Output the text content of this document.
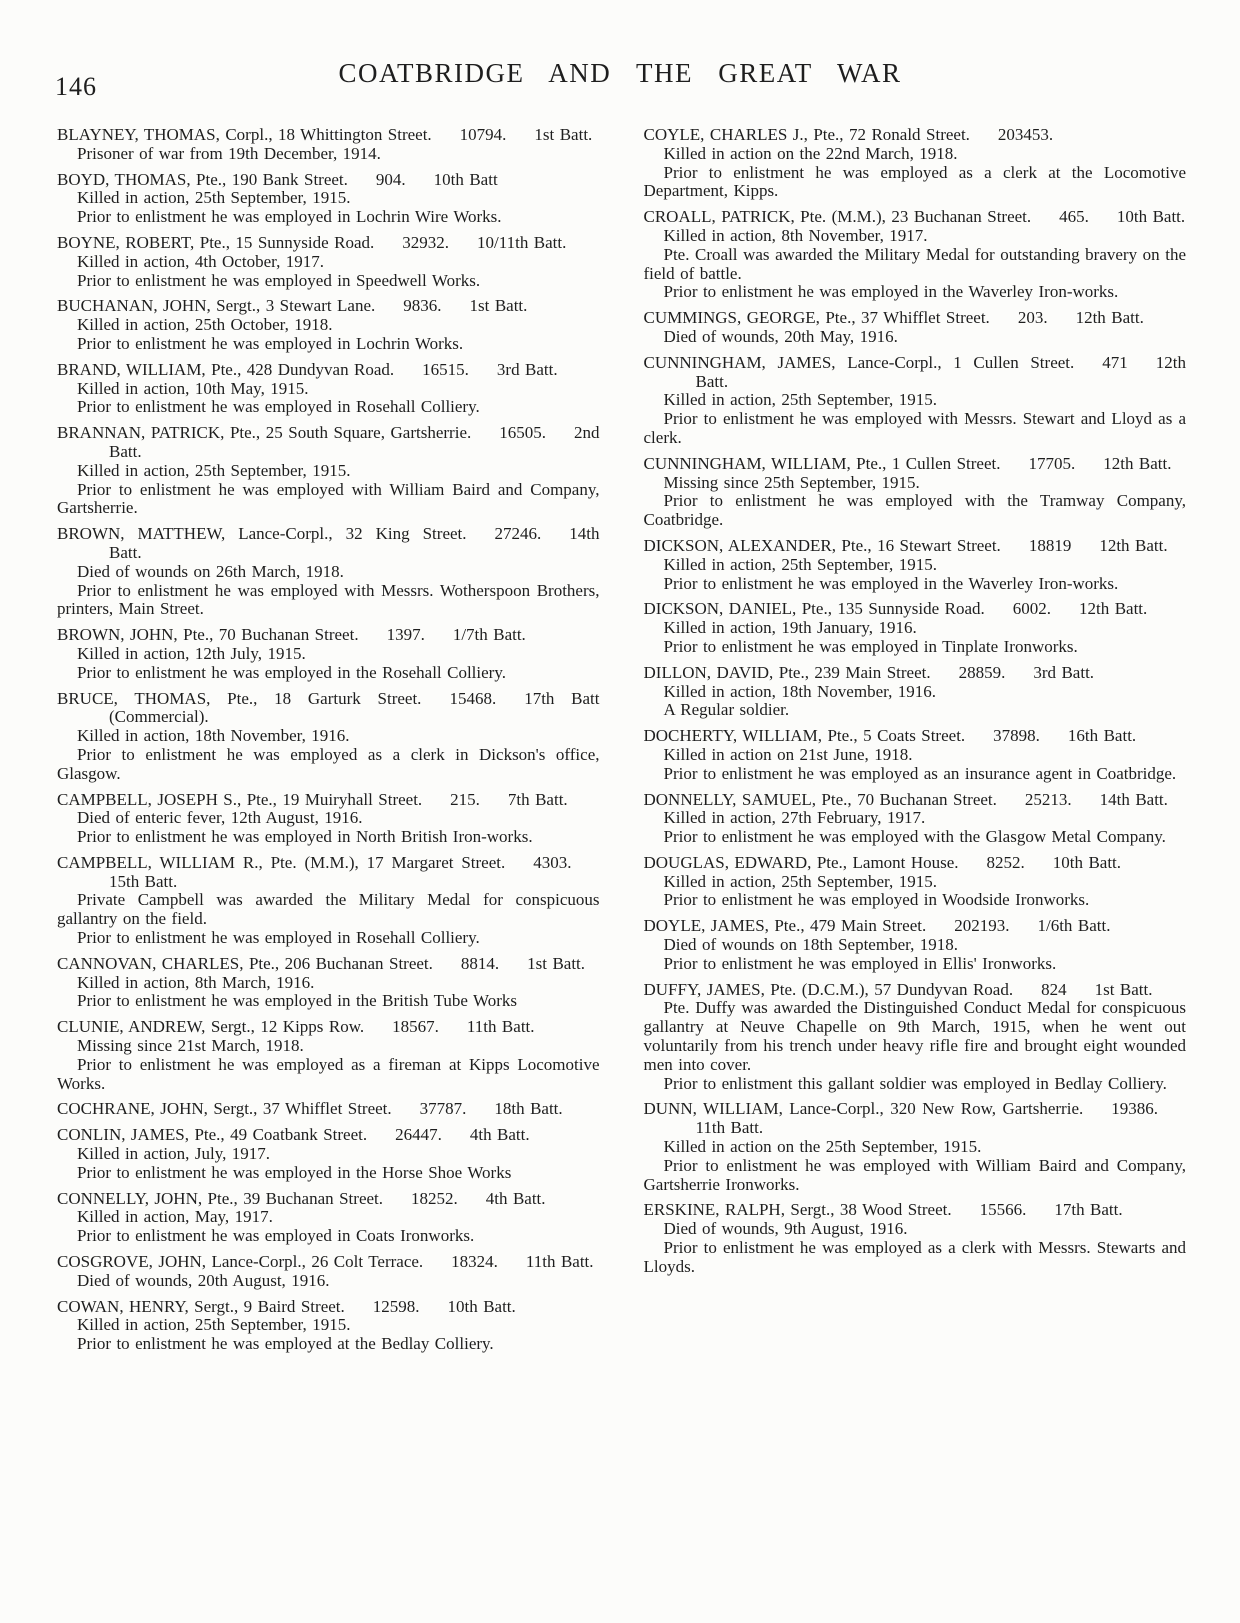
146	COATBRIDGE AND THE GREAT WAR

BLAYNEY, THOMAS, Corpl., 18 Whittington Street. 10794. 1st Batt.

Prisoner of war from 19th December, 1914.

BOYD, THOMAS, Pte., 190 Bank Street. 904. 10th Batt

Killed in action, 25th September, 1915.

Prior to enlistment he was employed in Lochrin Wire Works.

BOYNE, ROBERT, Pte., 15 Sunnyside Road. 32932. 10/11th Batt.

Killed in action, 4th October, 1917.

Prior to enlistment he was employed in Speedwell Works.

BUCHANAN, JOHN, Sergt., 3 Stewart Lane. 9836. 1st Batt.

Killed in action, 25th October, 1918.

Prior to enlistment he was employed in Lochrin Works.

BRAND, WILLIAM, Pte., 428 Dundyvan Road. 16515. 3rd Batt.

Killed in action, 10th May, 1915.

Prior to enlistment he was employed in Rosehall Colliery.

BRANNAN, PATRICK, Pte., 25 South Square, Gartsherrie. 16505. 2nd Batt.

Killed in action, 25th September, 1915.

Prior to enlistment he was employed with William Baird and Company, Gartsherrie.

BROWN, MATTHEW, Lance-Corpl., 32 King Street. 27246. 14th Batt.

Died of wounds on 26th March, 1918.

Prior to enlistment he was employed with Messrs. Wotherspoon Brothers, printers, Main Street.

BROWN, JOHN, Pte., 70 Buchanan Street. 1397. 1/7th Batt.

Killed in action, 12th July, 1915.

Prior to enlistment he was employed in the Rosehall Colliery.

BRUCE, THOMAS, Pte., 18 Garturk Street. 15468. 17th Batt (Commercial).

Killed in action, 18th November, 1916.

Prior to enlistment he was employed as a clerk in Dickson's office, Glasgow.

CAMPBELL, JOSEPH S., Pte., 19 Muiryhall Street. 215. 7th Batt.

Died of enteric fever, 12th August, 1916.

Prior to enlistment he was employed in North British Iron-works.

CAMPBELL, WILLIAM R., Pte. (M.M.), 17 Margaret Street. 4303.15th Batt.

Private Campbell was awarded the Military Medal for conspicuous gallantry on the field.

Prior to enlistment he was employed in Rosehall Colliery.

CANNOVAN, CHARLES, Pte., 206 Buchanan Street. 8814. 1st Batt.

Killed in action, 8th March, 1916.

Prior to enlistment he was employed in the British Tube Works

CLUNIE, ANDREW, Sergt., 12 Kipps Row. 18567. 11th Batt.

Missing since 21st March, 1918.

Prior to enlistment he was employed as a fireman at Kipps Locomotive Works.

COCHRANE, JOHN, Sergt., 37 Whifflet Street. 37787. 18th Batt.

CONLIN, JAMES, Pte., 49 Coatbank Street. 26447. 4th Batt.

Killed in action, July, 1917.

Prior to enlistment he was employed in the Horse Shoe Works

CONNELLY, JOHN, Pte., 39 Buchanan Street. 18252. 4th Batt.

Killed in action, May, 1917.

Prior to enlistment he was employed in Coats Ironworks.

COSGROVE, JOHN, Lance-Corpl., 26 Colt Terrace. 18324. 11th Batt.

Died of wounds, 20th August, 1916.

COWAN, HENRY, Sergt., 9 Baird Street. 12598. 10th Batt.

Killed in action, 25th September, 1915.

Prior to enlistment he was employed at the Bedlay Colliery.

COYLE, CHARLES J., Pte., 72 Ronald Street. 203453.

Killed in action on the 22nd March, 1918.

Prior to enlistment he was employed as a clerk at the Locomotive Department, Kipps.

CROALL, PATRICK, Pte. (M.M.), 23 Buchanan Street. 465. 10th Batt.

Killed in action, 8th November, 1917.

Pte. Croall was awarded the Military Medal for outstanding bravery on the field of battle.

Prior to enlistment he was employed in the Waverley Iron-works.

CUMMINGS, GEORGE, Pte., 37 Whifflet Street. 203. 12th Batt.

Died of wounds, 20th May, 1916.

CUNNINGHAM, JAMES, Lance-Corpl., 1 Cullen Street. 471 12th Batt.

Killed in action, 25th September, 1915.

Prior to enlistment he was employed with Messrs. Stewart and Lloyd as a clerk.

CUNNINGHAM, WILLIAM, Pte., 1 Cullen Street. 17705. 12th Batt.

Missing since 25th September, 1915.

Prior to enlistment he was employed with the Tramway Company, Coatbridge.

DICKSON, ALEXANDER, Pte., 16 Stewart Street. 18819 12th Batt.

Killed in action, 25th September, 1915.

Prior to enlistment he was employed in the Waverley Iron-works.

DICKSON, DANIEL, Pte., 135 Sunnyside Road. 6002. 12th Batt.

Killed in action, 19th January, 1916.

Prior to enlistment he was employed in Tinplate Ironworks.

DILLON, DAVID, Pte., 239 Main Street. 28859. 3rd Batt.

Killed in action, 18th November, 1916.

A Regular soldier.

DOCHERTY, WILLIAM, Pte., 5 Coats Street. 37898. 16th Batt.

Killed in action on 21st June, 1918.

Prior to enlistment he was employed as an insurance agent in Coatbridge.

DONNELLY, SAMUEL, Pte., 70 Buchanan Street. 25213. 14th Batt.

Killed in action, 27th February, 1917.

Prior to enlistment he was employed with the Glasgow Metal Company.

DOUGLAS, EDWARD, Pte., Lamont House. 8252. 10th Batt.

Killed in action, 25th September, 1915.

Prior to enlistment he was employed in Woodside Ironworks.

DOYLE, JAMES, Pte., 479 Main Street. 202193. 1/6th Batt.

Died of wounds on 18th September, 1918.

Prior to enlistment he was employed in Ellis' Ironworks.

DUFFY, JAMES, Pte. (D.C.M.), 57 Dundyvan Road. 824 1st Batt.

Pte. Duffy was awarded the Distinguished Conduct Medal for conspicuous gallantry at Neuve Chapelle on 9th March, 1915, when he went out voluntarily from his trench under heavy rifle fire and brought eight wounded men into cover.

Prior to enlistment this gallant soldier was employed in Bedlay Colliery.

DUNN, WILLIAM, Lance-Corpl., 320 New Row, Gartsherrie. 19386.11th Batt.

Killed in action on the 25th September, 1915.

Prior to enlistment he was employed with William Baird and Company, Gartsherrie Ironworks.

ERSKINE, RALPH, Sergt., 38 Wood Street. 15566. 17th Batt.

Died of wounds, 9th August, 1916.

Prior to enlistment he was employed as a clerk with Messrs. Stewarts and Lloyds.
